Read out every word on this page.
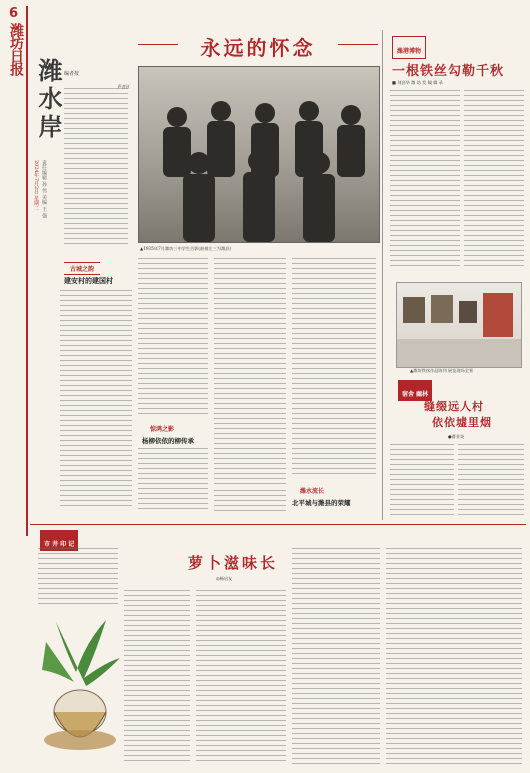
6
潍坊日报
潍水岸
2024年7月2日 星期二 责任编辑 孙 伟 美编 王 强
编者按
声音区
永远的怀念
▲1935年7月潍坊三中学生合影(前排左三为潍县)
古城之韵
建安村的建国村
惊鸿之影
杨柳依依的柳传承
潍水流长
北平城与潍县的荣耀
潍港博物
一根铁丝勾勒千秋
■ 刘昌华 潍 坊 发 稿 辑 录
▲潍坊铁丝作品陈列 展览现场全景
宿舍 幽林
缝缀远人村
依依墟里烟
●曹业英
市 井 印 记
萝卜滋味长
◎杨启友
